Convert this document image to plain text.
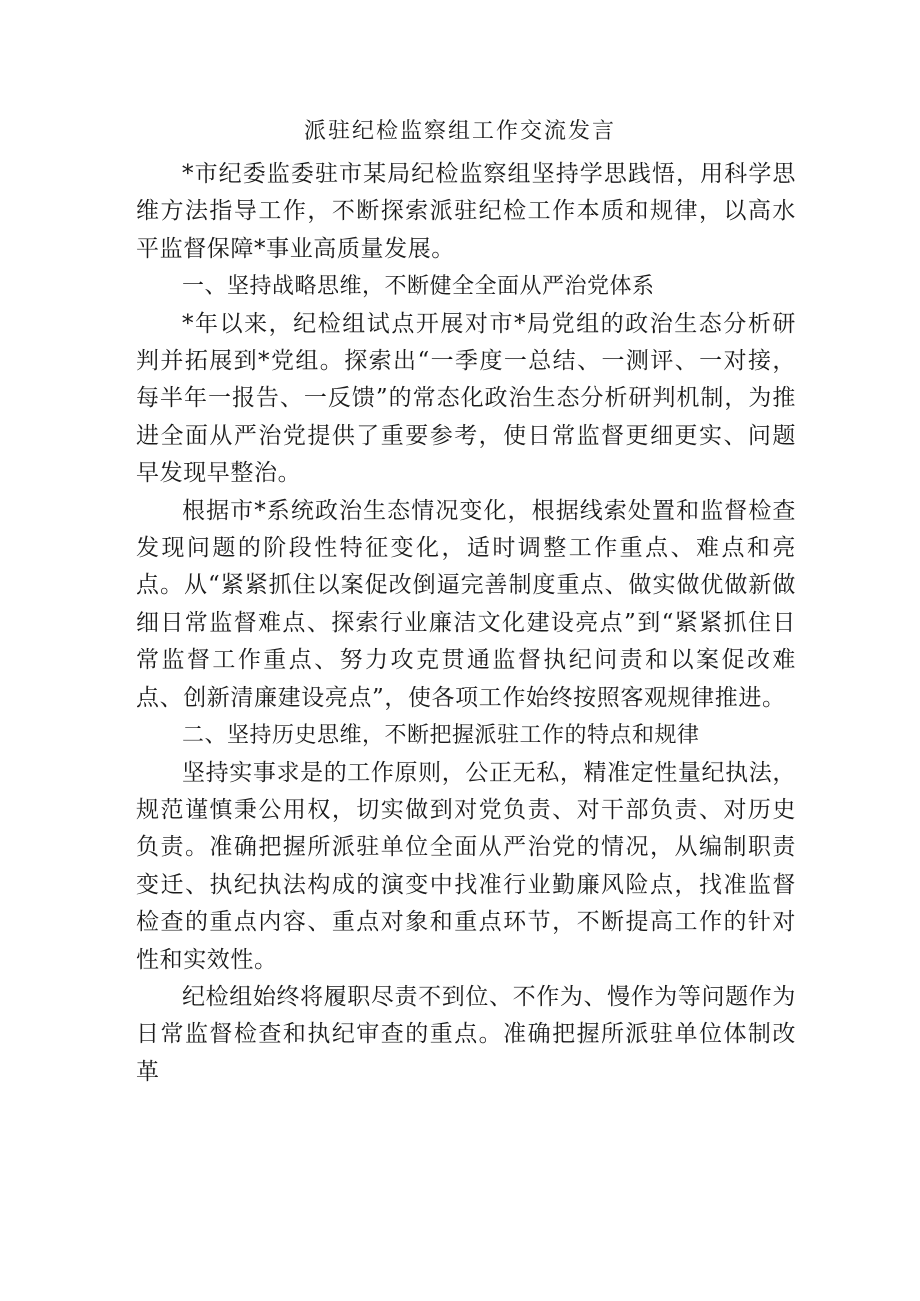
派驻纪检监察组工作交流发言

*市纪委监委驻市某局纪检监察组坚持学思践悟，用科学思维方法指导工作，不断探索派驻纪检工作本质和规律，以高水平监督保障*事业高质量发展。

一、坚持战略思维，不断健全全面从严治党体系

*年以来，纪检组试点开展对市*局党组的政治生态分析研判并拓展到*党组。探索出“一季度一总结、一测评、一对接，每半年一报告、一反馈”的常态化政治生态分析研判机制，为推进全面从严治党提供了重要参考，使日常监督更细更实、问题早发现早整治。

根据市*系统政治生态情况变化，根据线索处置和监督检查发现问题的阶段性特征变化，适时调整工作重点、难点和亮点。从“紧紧抓住以案促改倒逼完善制度重点、做实做优做新做细日常监督难点、探索行业廉洁文化建设亮点”到“紧紧抓住日常监督工作重点、努力攻克贯通监督执纪问责和以案促改难点、创新清廉建设亮点”，使各项工作始终按照客观规律推进。

二、坚持历史思维，不断把握派驻工作的特点和规律

坚持实事求是的工作原则，公正无私，精准定性量纪执法，规范谨慎秉公用权，切实做到对党负责、对干部负责、对历史负责。准确把握所派驻单位全面从严治党的情况，从编制职责变迁、执纪执法构成的演变中找准行业勤廉风险点，找准监督检查的重点内容、重点对象和重点环节，不断提高工作的针对性和实效性。

纪检组始终将履职尽责不到位、不作为、慢作为等问题作为日常监督检查和执纪审查的重点。准确把握所派驻单位体制改革
